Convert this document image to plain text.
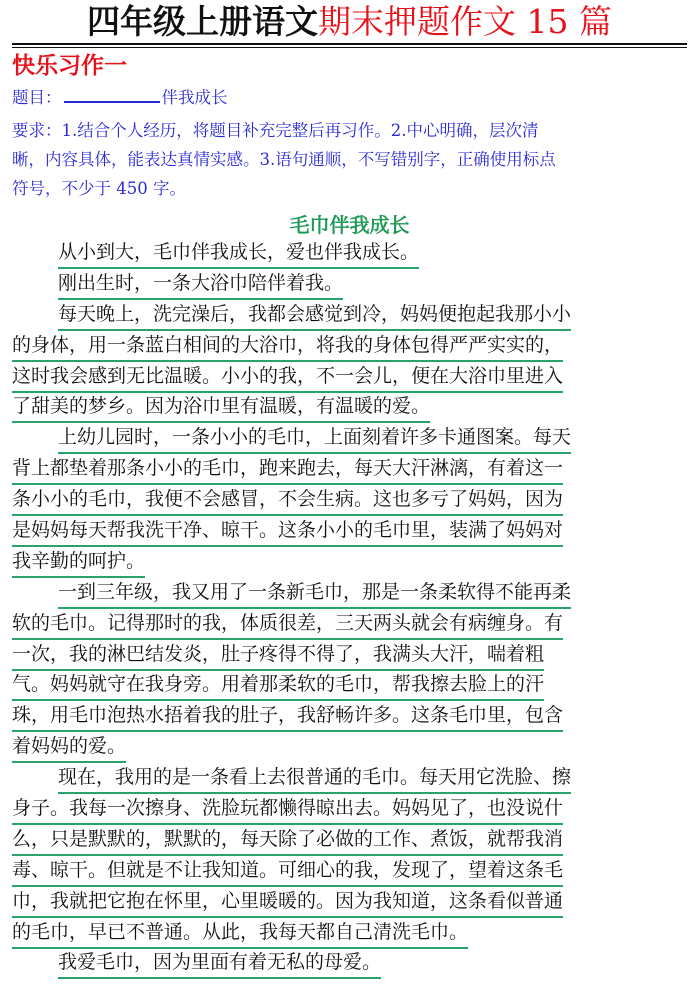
四年级上册语文期末押题作文 15 篇
快乐习作一
题目：	伴我成长
要求：1.结合个人经历，将题目补充完整后再习作。2.中心明确，层次清
晰，内容具体，能表达真情实感。3.语句通顺，不写错别字，正确使用标点
符号，不少于 450 字。
毛巾伴我成长
从小到大，毛巾伴我成长，爱也伴我成长。
刚出生时，一条大浴巾陪伴着我。
每天晚上，洗完澡后，我都会感觉到冷，妈妈便抱起我那小小
的身体，用一条蓝白相间的大浴巾，将我的身体包得严严实实的，
这时我会感到无比温暖。小小的我，不一会儿，便在大浴巾里进入
了甜美的梦乡。因为浴巾里有温暖，有温暖的爱。
上幼儿园时，一条小小的毛巾，上面刻着许多卡通图案。每天
背上都垫着那条小小的毛巾，跑来跑去，每天大汗淋漓，有着这一
条小小的毛巾，我便不会感冒，不会生病。这也多亏了妈妈，因为
是妈妈每天帮我洗干净、晾干。这条小小的毛巾里，装满了妈妈对
我辛勤的呵护。
一到三年级，我又用了一条新毛巾，那是一条柔软得不能再柔
软的毛巾。记得那时的我，体质很差，三天两头就会有病缠身。有
一次，我的淋巴结发炎，肚子疼得不得了，我满头大汗，喘着粗
气。妈妈就守在我身旁。用着那柔软的毛巾，帮我擦去脸上的汗
珠，用毛巾泡热水捂着我的肚子，我舒畅许多。这条毛巾里，包含
着妈妈的爱。
现在，我用的是一条看上去很普通的毛巾。每天用它洗脸、擦
身子。我每一次擦身、洗脸玩都懒得晾出去。妈妈见了，也没说什
么，只是默默的，默默的，每天除了必做的工作、煮饭，就帮我消
毒、晾干。但就是不让我知道。可细心的我，发现了，望着这条毛
巾，我就把它抱在怀里，心里暖暖的。因为我知道，这条看似普通
的毛巾，早已不普通。从此，我每天都自己清洗毛巾。
我爱毛巾，因为里面有着无私的母爱。
